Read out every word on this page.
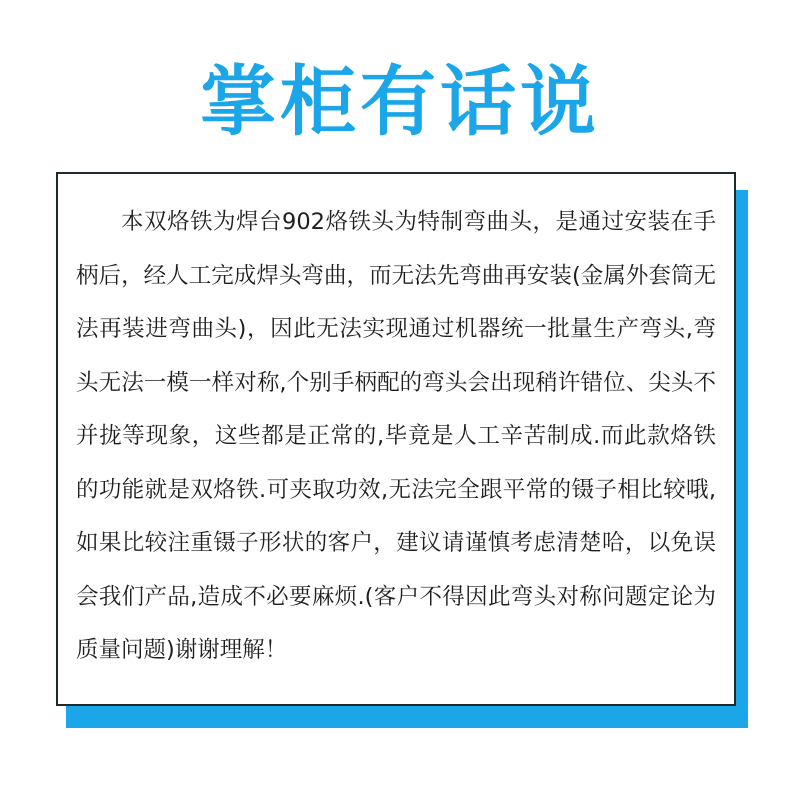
掌柜有话说

本双烙铁为焊台902烙铁头为特制弯曲头，是通过安装在手柄后，经人工完成焊头弯曲，而无法先弯曲再安装(金属外套筒无法再装进弯曲头)，因此无法实现通过机器统一批量生产弯头,弯头无法一模一样对称,个别手柄配的弯头会出现稍许错位、尖头不并拢等现象，这些都是正常的,毕竟是人工辛苦制成.而此款烙铁的功能就是双烙铁.可夹取功效,无法完全跟平常的镊子相比较哦,如果比较注重镊子形状的客户，建议请谨慎考虑清楚哈，以免误会我们产品,造成不必要麻烦.(客户不得因此弯头对称问题定论为质量问题)谢谢理解！
